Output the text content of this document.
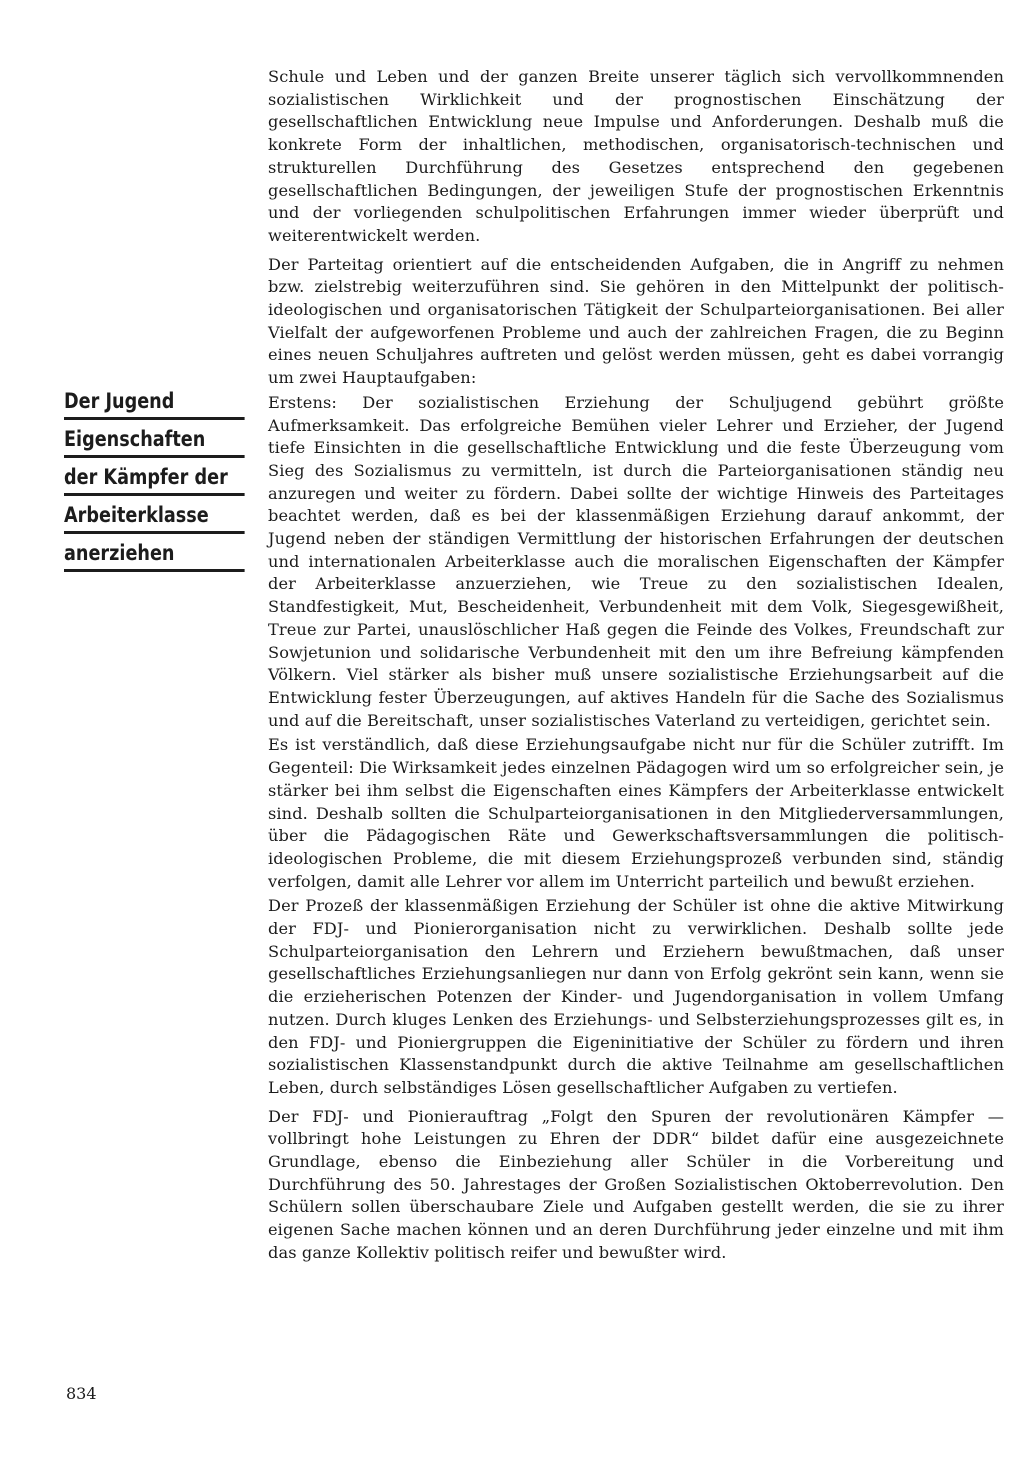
Der Jugend
Eigenschaften
der Kämpfer der
Arbeiterklasse
anerziehen

Schule und Leben und der ganzen Breite unserer täglich sich vervollkommnenden sozialistischen Wirklichkeit und der prognostischen Einschätzung der gesellschaftlichen Entwicklung neue Impulse und Anforderungen. Deshalb muß die konkrete Form der inhaltlichen, methodischen, organisatorisch-technischen und strukturellen Durchführung des Gesetzes entsprechend den gegebenen gesellschaftlichen Bedingungen, der jeweiligen Stufe der prognostischen Erkenntnis und der vorliegenden schulpolitischen Erfahrungen immer wieder überprüft und weiterentwickelt werden.

Der Parteitag orientiert auf die entscheidenden Aufgaben, die in Angriff zu nehmen bzw. zielstrebig weiterzuführen sind. Sie gehören in den Mittelpunkt der politisch-ideologischen und organisatorischen Tätigkeit der Schulparteiorganisationen. Bei aller Vielfalt der aufgeworfenen Probleme und auch der zahlreichen Fragen, die zu Beginn eines neuen Schuljahres auftreten und gelöst werden müssen, geht es dabei vorrangig um zwei Hauptaufgaben:

Erstens: Der sozialistischen Erziehung der Schuljugend gebührt größte Aufmerksamkeit. Das erfolgreiche Bemühen vieler Lehrer und Erzieher, der Jugend tiefe Einsichten in die gesellschaftliche Entwicklung und die feste Überzeugung vom Sieg des Sozialismus zu vermitteln, ist durch die Parteiorganisationen ständig neu anzuregen und weiter zu fördern. Dabei sollte der wichtige Hinweis des Parteitages beachtet werden, daß es bei der klassenmäßigen Erziehung darauf ankommt, der Jugend neben der ständigen Vermittlung der historischen Erfahrungen der deutschen und internationalen Arbeiterklasse auch die moralischen Eigenschaften der Kämpfer der Arbeiterklasse anzuerziehen, wie Treue zu den sozialistischen Idealen, Standfestigkeit, Mut, Bescheidenheit, Verbundenheit mit dem Volk, Siegesgewißheit, Treue zur Partei, unauslöschlicher Haß gegen die Feinde des Volkes, Freundschaft zur Sowjetunion und solidarische Verbundenheit mit den um ihre Befreiung kämpfenden Völkern. Viel stärker als bisher muß unsere sozialistische Erziehungsarbeit auf die Entwicklung fester Überzeugungen, auf aktives Handeln für die Sache des Sozialismus und auf die Bereitschaft, unser sozialistisches Vaterland zu verteidigen, gerichtet sein.

Es ist verständlich, daß diese Erziehungsaufgabe nicht nur für die Schüler zutrifft. Im Gegenteil: Die Wirksamkeit jedes einzelnen Pädagogen wird um so erfolgreicher sein, je stärker bei ihm selbst die Eigenschaften eines Kämpfers der Arbeiterklasse entwickelt sind. Deshalb sollten die Schulparteiorganisationen in den Mitgliederversammlungen, über die Pädagogischen Räte und Gewerkschaftsversammlungen die politisch-ideologischen Probleme, die mit diesem Erziehungsprozeß verbunden sind, ständig verfolgen, damit alle Lehrer vor allem im Unterricht parteilich und bewußt erziehen.

Der Prozeß der klassenmäßigen Erziehung der Schüler ist ohne die aktive Mitwirkung der FDJ- und Pionierorganisation nicht zu verwirklichen. Deshalb sollte jede Schulparteiorganisation den Lehrern und Erziehern bewußtmachen, daß unser gesellschaftliches Erziehungsanliegen nur dann von Erfolg gekrönt sein kann, wenn sie die erzieherischen Potenzen der Kinder- und Jugendorganisation in vollem Umfang nutzen. Durch kluges Lenken des Erziehungs- und Selbsterziehungsprozesses gilt es, in den FDJ- und Pioniergruppen die Eigeninitiative der Schüler zu fördern und ihren sozialistischen Klassenstandpunkt durch die aktive Teilnahme am gesellschaftlichen Leben, durch selbständiges Lösen gesellschaftlicher Aufgaben zu vertiefen.

Der FDJ- und Pionierauftrag „Folgt den Spuren der revolutionären Kämpfer — vollbringt hohe Leistungen zu Ehren der DDR“ bildet dafür eine ausgezeichnete Grundlage, ebenso die Einbeziehung aller Schüler in die Vorbereitung und Durchführung des 50. Jahrestages der Großen Sozialistischen Oktoberrevolution. Den Schülern sollen überschaubare Ziele und Aufgaben gestellt werden, die sie zu ihrer eigenen Sache machen können und an deren Durchführung jeder einzelne und mit ihm das ganze Kollektiv politisch reifer und bewußter wird.

834
